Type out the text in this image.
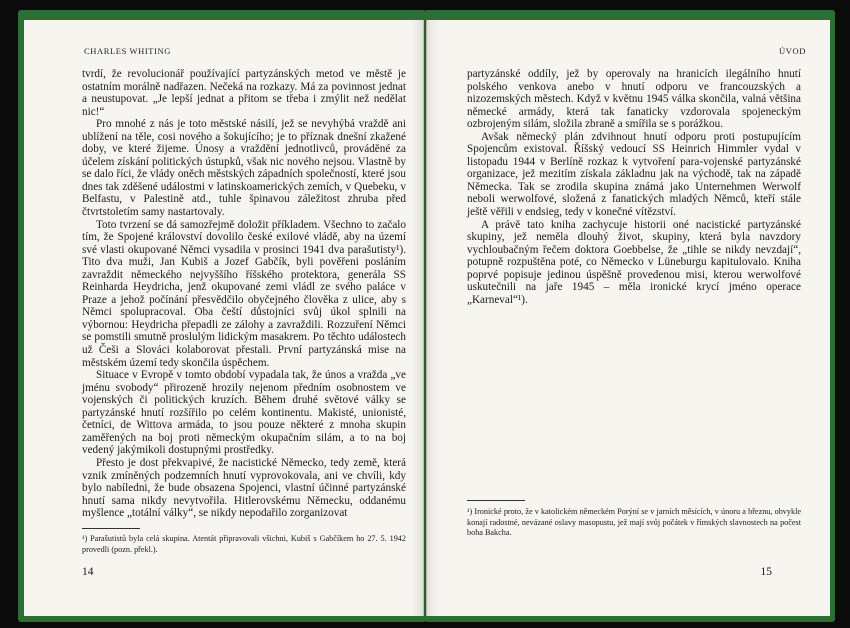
CHARLES WHITING

tvrdí, že revolucionář používající partyzánských metod ve městě je ostatním morálně nadřazen. Nečeká na rozkazy. Má za povinnost jednat a neustupovat. „Je lepší jednat a přitom se třeba i zmýlit než nedělat nic!“

Pro mnohé z nás je toto městské násilí, jež se nevyhýbá vraždě ani ublížení na těle, cosi nového a šokujícího; je to příznak dnešní zkažené doby, ve které žijeme. Únosy a vraždění jednotlivců, prováděné za účelem získání politických ústupků, však nic nového nejsou. Vlastně by se dalo říci, že vlády oněch městských západních společností, které jsou dnes tak zděšené událostmi v latinskoamerických zemích, v Quebeku, v Belfastu, v Palestině atd., tuhle špinavou záležitost zhruba před čtvrtstoletím samy nastartovaly.

Toto tvrzení se dá samozřejmě doložit příkladem. Všechno to začalo tím, že Spojené království dovolilo české exilové vládě, aby na území své vlasti okupované Němci vysadila v prosinci 1941 dva parašutisty¹). Tito dva muži, Jan Kubiš a Jozef Gabčík, byli pověřeni posláním zavraždit německého nejvyššího říšského protektora, generála SS Reinharda Heydricha, jenž okupované zemi vládl ze svého paláce v Praze a jehož počínání přesvědčilo obyčejného člověka z ulice, aby s Němci spolupracoval. Oba čeští důstojníci svůj úkol splnili na výbornou: Heydricha přepadli ze zálohy a zavraždili. Rozzuření Němci se pomstili smutně proslulým lidickým masakrem. Po těchto událostech už Češi a Slováci kolaborovat přestali. První partyzánská mise na městském území tedy skončila úspěchem.

Situace v Evropě v tomto období vypadala tak, že únos a vražda „ve jménu svobody“ přirozeně hrozily nejenom předním osobnostem ve vojenských či politických kruzích. Během druhé světové války se partyzánské hnutí rozšířilo po celém kontinentu. Makisté, unionisté, četníci, de Wittova armáda, to jsou pouze některé z mnoha skupin zaměřených na boj proti německým okupačním silám, a to na boj vedený jakýmikoli dostupnými prostředky.

Přesto je dost překvapivé, že nacistické Německo, tedy země, která vznik zmíněných podzemních hnutí vyprovokovala, ani ve chvíli, kdy bylo nabíledni, že bude obsazena Spojenci, vlastní účinné partyzánské hnutí sama nikdy nevytvořila. Hitlerovskému Německu, oddanému myšlence „totální války“, se nikdy nepodařilo zorganizovat

¹) Parašutistů byla celá skupina. Atentát připravovali všichni, Kubiš s Gabčíkem ho 27. 5. 1942 provedli (pozn. překl.).
14
ÚVOD

partyzánské oddíly, jež by operovaly na hranicích ilegálního hnutí polského venkova anebo v hnutí odporu ve francouzských a nizozemských městech. Když v květnu 1945 válka skončila, valná většina německé armády, která tak fanaticky vzdorovala spojeneckým ozbrojeným silám, složila zbraně a smířila se s porážkou.

Avšak německý plán zdvihnout hnutí odporu proti postupujícím Spojencům existoval. Říšský vedoucí SS Heinrich Himmler vydal v listopadu 1944 v Berlíně rozkaz k vytvoření para-vojenské partyzánské organizace, jež mezitím získala základnu jak na východě, tak na západě Německa. Tak se zrodila skupina známá jako Unternehmen Werwolf neboli werwolfové, složená z fanatických mladých Němců, kteří stále ještě věřili v endsieg, tedy v konečné vítězství.

A právě tato kniha zachycuje historii oné nacistické partyzánské skupiny, jež neměla dlouhý život, skupiny, která byla navzdory vychloubačným řečem doktora Goebbelse, že „tihle se nikdy nevzdají“, potupně rozpuštěna poté, co Německo v Lüneburgu kapitulovalo. Kniha poprvé popisuje jedinou úspěšně provedenou misi, kterou werwolfové uskutečnili na jaře 1945 – měla ironické krycí jméno operace „Karneval“¹).

¹) Ironické proto, že v katolickém německém Porýní se v jarních měsících, v únoru a březnu, obvykle konají radostné, nevázané oslavy masopustu, jež mají svůj počátek v římských slavnostech na počest boha Bakcha.
15
